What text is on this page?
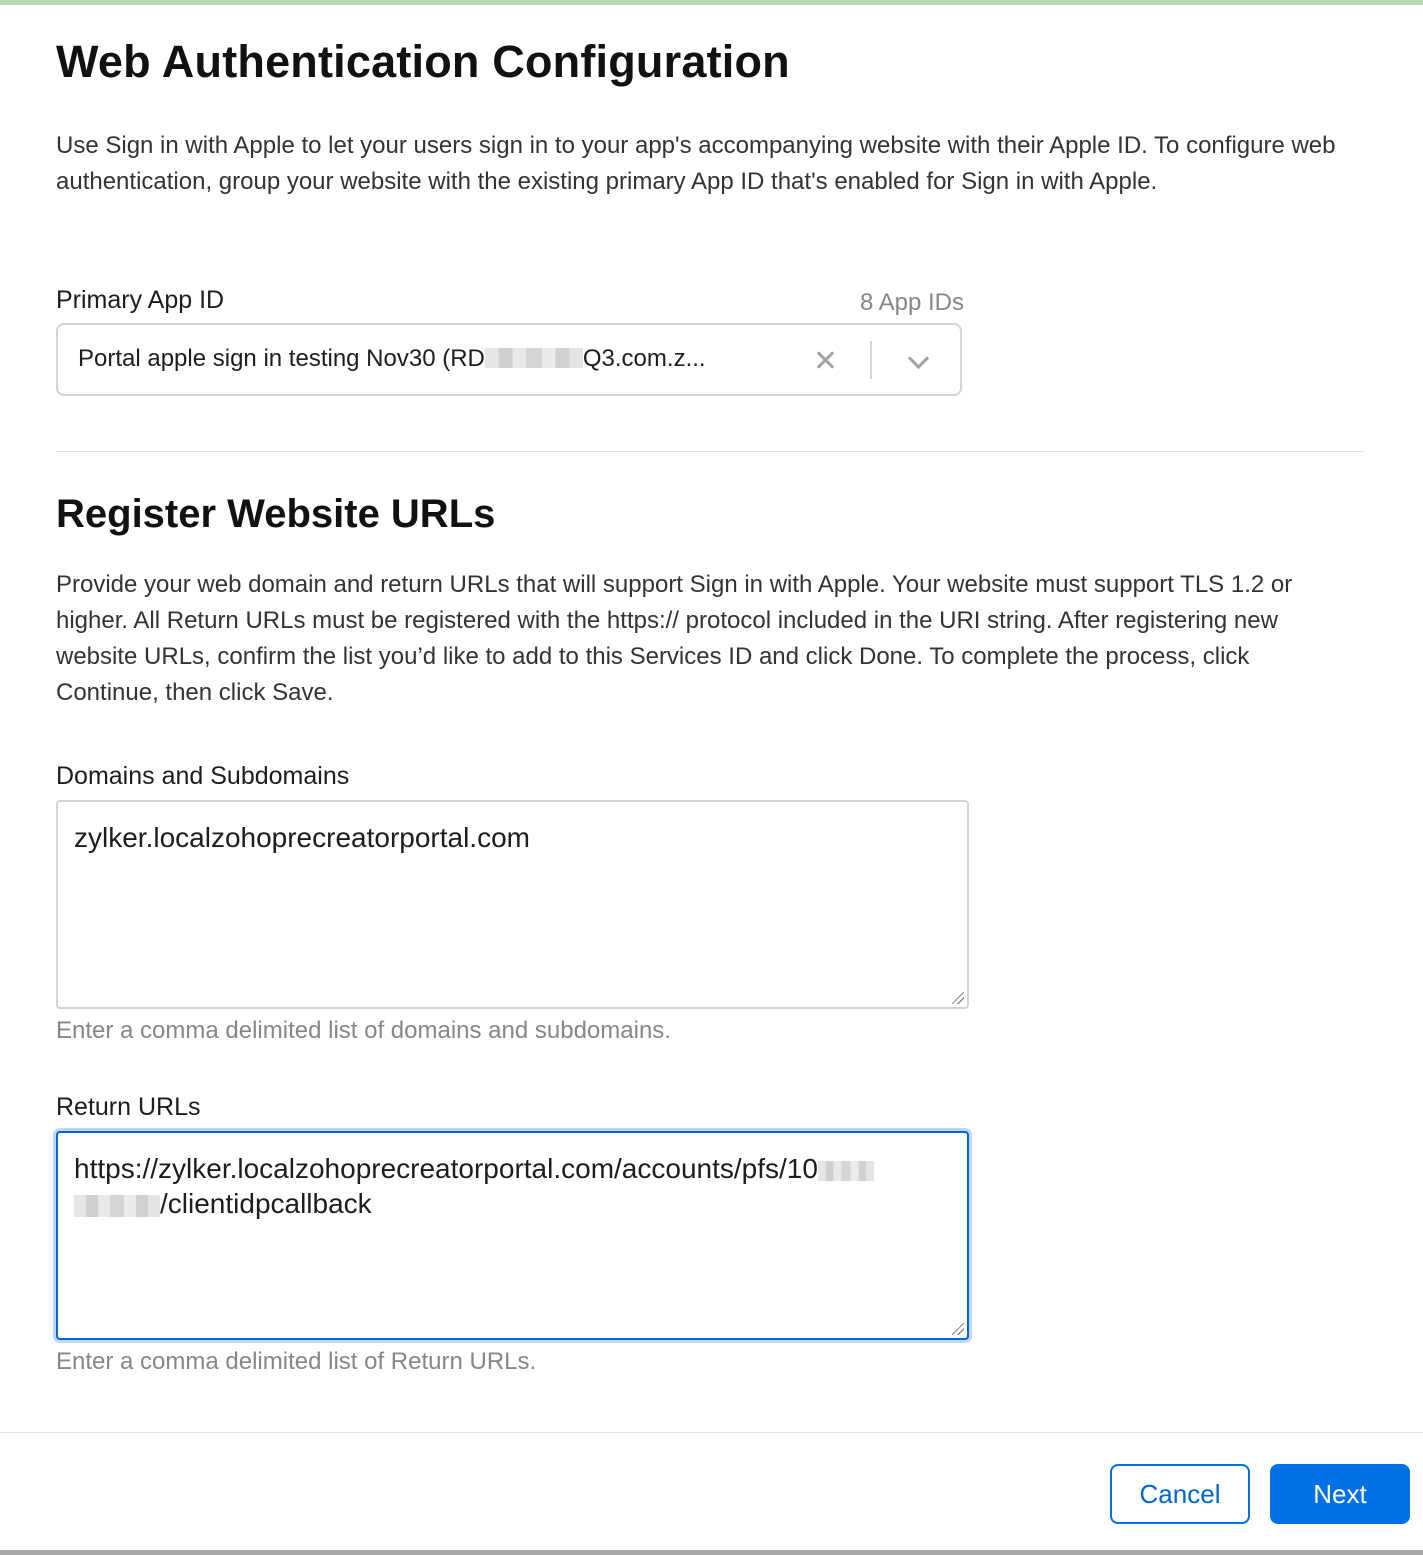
Web Authentication Configuration

Use Sign in with Apple to let your users sign in to your app's accompanying website with their Apple ID. To configure web authentication, group your website with the existing primary App ID that's enabled for Sign in with Apple.

Primary App ID	8 App IDs
Portal apple sign in testing Nov30 (RD	Q3.com.z...
Register Website URLs

Provide your web domain and return URLs that will support Sign in with Apple. Your website must support TLS 1.2 or higher. All Return URLs must be registered with the https:// protocol included in the URI string. After registering new website URLs, confirm the list you’d like to add to this Services ID and click Done. To complete the process, click Continue, then click Save.

Domains and Subdomains
zylker.localzohoprecreatorportal.com
Enter a comma delimited list of domains and subdomains.
Return URLs
https://zylker.localzohoprecreatorportal.com/accounts/pfs/10
/clientidpcallback
Enter a comma delimited list of Return URLs.
Cancel	Next
